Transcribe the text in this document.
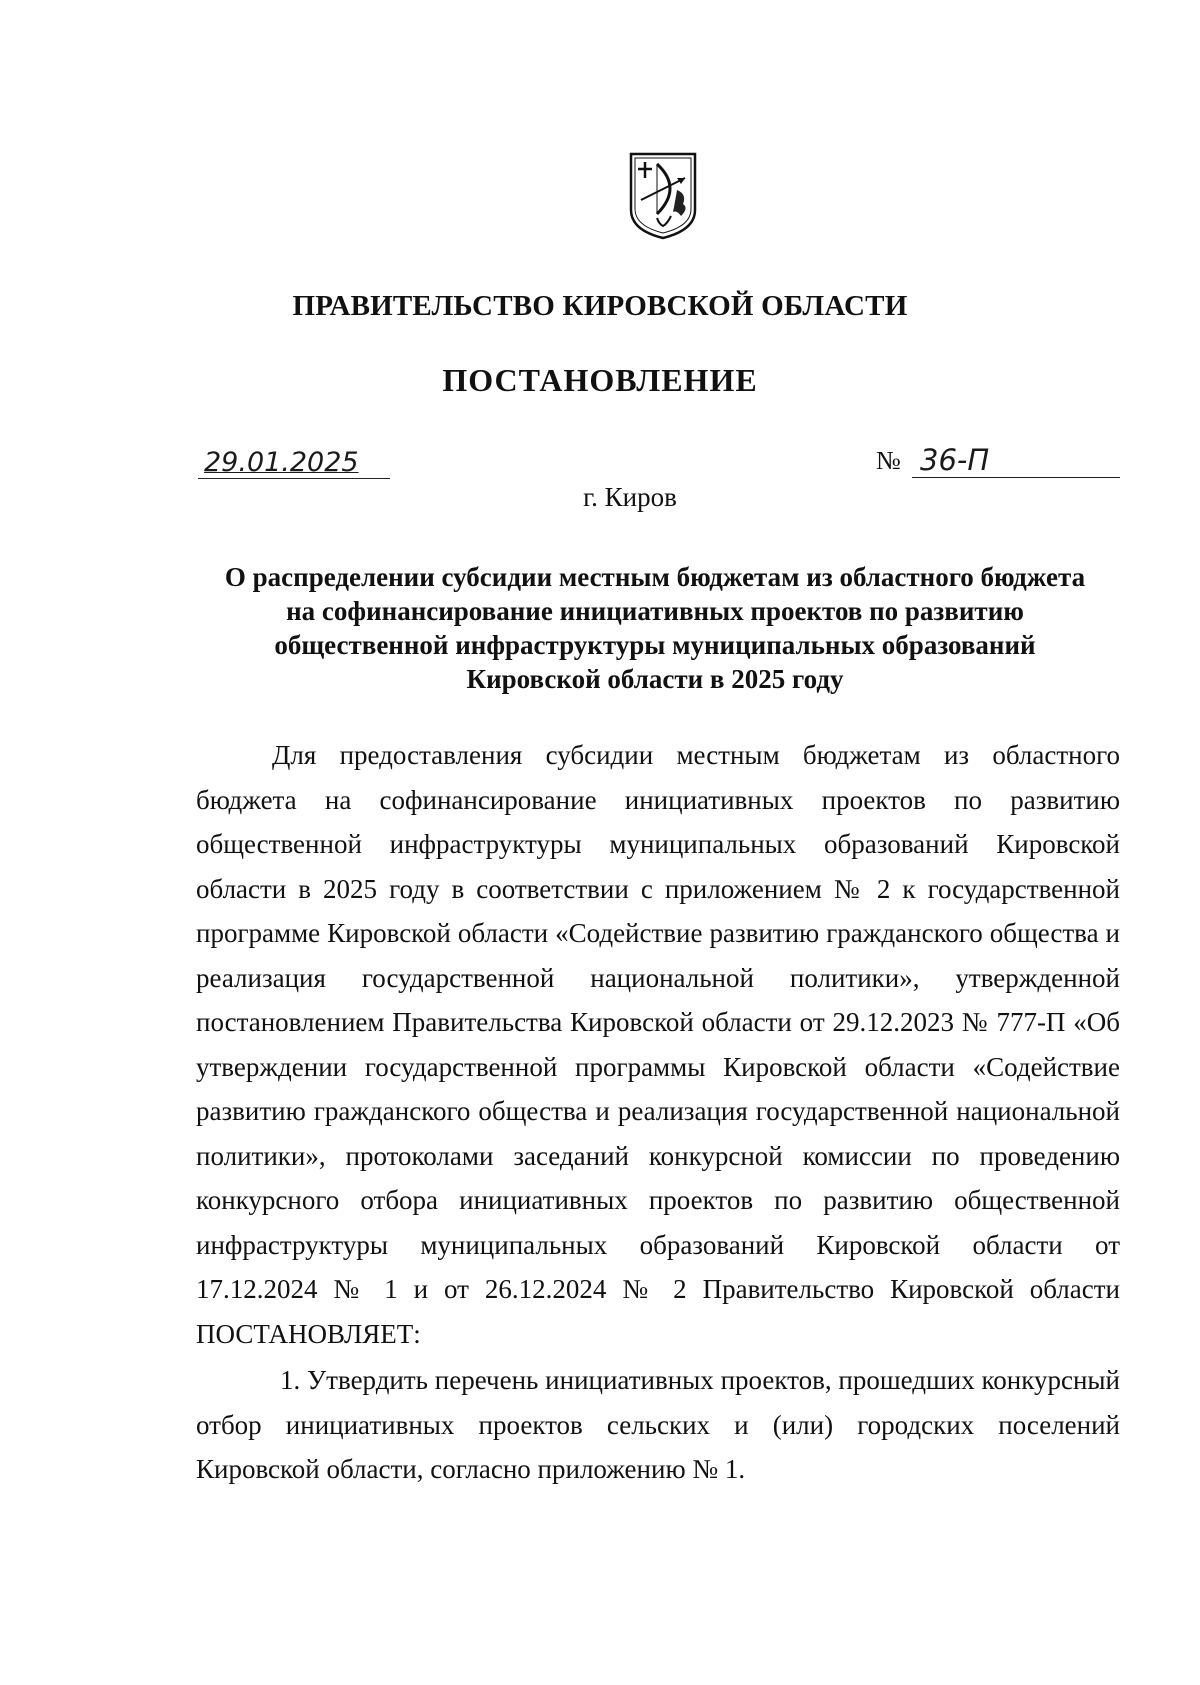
ПРАВИТЕЛЬСТВО КИРОВСКОЙ ОБЛАСТИ
ПОСТАНОВЛЕНИЕ
29.01.2025	№ 36-П
г. Киров
О распределении субсидии местным бюджетам из областного бюджета
на софинансирование инициативных проектов по развитию
общественной инфраструктуры муниципальных образований
Кировской области в 2025 году

Для предоставления субсидии местным бюджетам из областного бюджета на софинансирование инициативных проектов по развитию общественной инфраструктуры муниципальных образований Кировской области в 2025 году в соответствии с приложением № 2 к государственной программе Кировской области «Содействие развитию гражданского общества и реализация государственной национальной политики», утвержденной постановлением Правительства Кировской области от 29.12.2023 № 777-П «Об утверждении государственной программы Кировской области «Содействие развитию гражданского общества и реализация государственной национальной политики», протоколами заседаний конкурсной комиссии по проведению конкурсного отбора инициативных проектов по развитию общественной инфраструктуры муниципальных образований Кировской области от 17.12.2024 № 1 и от 26.12.2024 № 2 Правительство Кировской области ПОСТАНОВЛЯЕТ:

1. Утвердить перечень инициативных проектов, прошедших конкурсный отбор инициативных проектов сельских и (или) городских поселений Кировской области, согласно приложению № 1.
